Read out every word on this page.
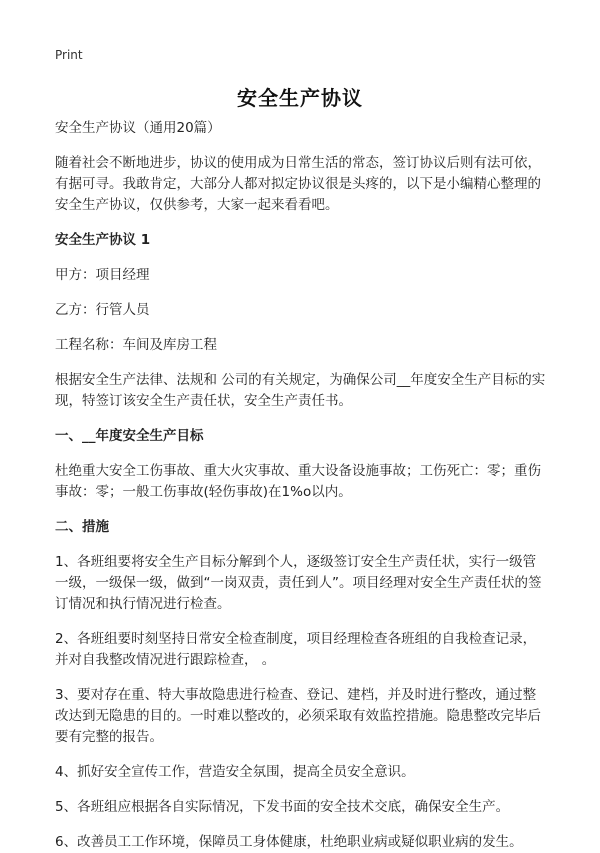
Print
安全生产协议

安全生产协议（通用20篇）

随着社会不断地进步，协议的使用成为日常生活的常态，签订协议后则有法可依，有据可寻。我敢肯定，大部分人都对拟定协议很是头疼的，以下是小编精心整理的安全生产协议，仅供参考，大家一起来看看吧。

安全生产协议 1

甲方：项目经理

乙方：行管人员

工程名称：车间及库房工程

根据安全生产法律、法规和 公司的有关规定，为确保公司__年度安全生产目标的实现，特签订该安全生产责任状，安全生产责任书。

一、__年度安全生产目标

杜绝重大安全工伤事故、重大火灾事故、重大设备设施事故；工伤死亡：零；重伤事故：零；一般工伤事故(轻伤事故)在1%o以内。

二、措施

1、各班组要将安全生产目标分解到个人，逐级签订安全生产责任状，实行一级管一级，一级保一级，做到“一岗双责，责任到人”。项目经理对安全生产责任状的签订情况和执行情况进行检查。

2、各班组要时刻坚持日常安全检查制度，项目经理检查各班组的自我检查记录，并对自我整改情况进行跟踪检查， 。

3、要对存在重、特大事故隐患进行检查、登记、建档，并及时进行整改，通过整改达到无隐患的目的。一时难以整改的，必须采取有效监控措施。隐患整改完毕后要有完整的报告。

4、抓好安全宣传工作，营造安全氛围，提高全员安全意识。

5、各班组应根据各自实际情况，下发书面的安全技术交底，确保安全生产。

6、改善员工工作环境，保障员工身体健康，杜绝职业病或疑似职业病的发生。
